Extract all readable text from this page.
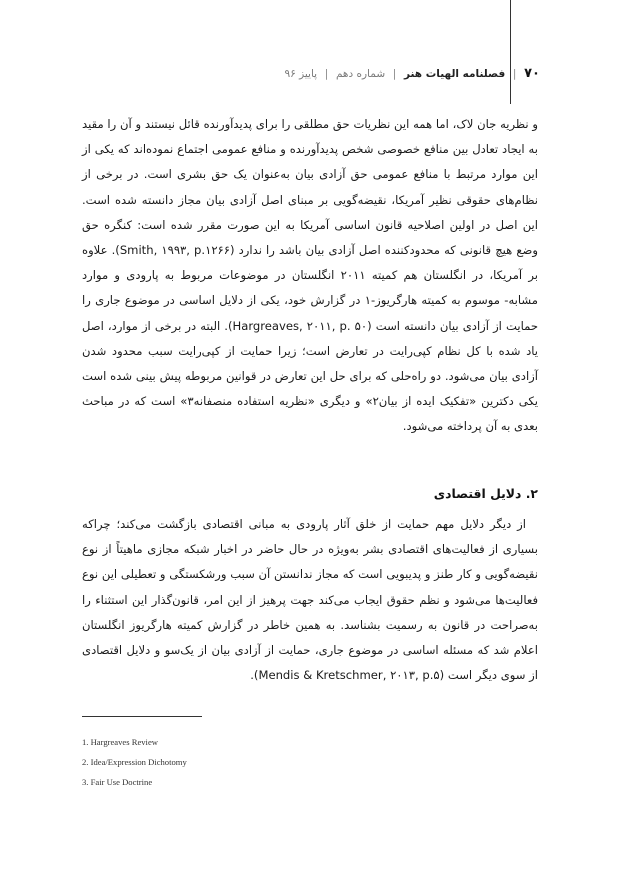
۷۰ | فصلنامه الهیات هنر | شماره دهم | پاییز ۹۶

و نظریه جان لاک، اما همه این نظریات حق مطلقی را برای پدیدآورنده قائل نیستند و آن را مقید به ایجاد تعادل بین منافع خصوصی شخص پدیدآورنده و منافع عمومی اجتماع نموده‌اند که یکی از این موارد مرتبط با منافع عمومی حق آزادی بیان به‌عنوان یک حق بشری است. در برخی از نظام‌های حقوقی نظیر آمریکا، نقیضه‌گویی بر مبنای اصل آزادی بیان مجاز دانسته شده است. این اصل در اولین اصلاحیه قانون اساسی آمریکا به این صورت مقرر شده است: کنگره حق وضع هیچ قانونی که محدودکننده اصل آزادی بیان باشد را ندارد (Smith, ۱۹۹۳, p.۱۲۶۶). علاوه بر آمریکا، در انگلستان هم کمیته ۲۰۱۱ انگلستان در موضوعات مربوط به پارودی و موارد مشابه- موسوم به کمیته هارگریوز-۱ در گزارش خود، یکی از دلایل اساسی در موضوع جاری را حمایت از آزادی بیان دانسته است (Hargreaves, ۲۰۱۱, p. ۵۰). البته در برخی از موارد، اصل یاد شده با کل نظام کپی‌رایت در تعارض است؛ زیرا حمایت از کپی‌رایت سبب محدود شدن آزادی بیان می‌شود. دو راه‌حلی که برای حل این تعارض در قوانین مربوطه پیش بینی شده است یکی دکترین «تفکیک ایده از بیان۲» و دیگری «نظریه استفاده منصفانه۳» است که در مباحث بعدی به آن پرداخته می‌شود.

۲. دلایل اقتصادی

از دیگر دلایل مهم حمایت از خلق آثار پارودی به مبانی اقتصادی بازگشت می‌کند؛ چراکه بسیاری از فعالیت‌های اقتصادی بشر به‌ویژه در حال حاضر در اخبار شبکه مجازی ماهیتاً از نوع نقیضه‌گویی و کار طنز و پدیبویی است که مجاز ندانستن آن سبب ورشکستگی و تعطیلی این نوع فعالیت‌ها می‌شود و نظم حقوق ایجاب می‌کند جهت پرهیز از این امر، قانون‌گذار این استثناء را به‌صراحت در قانون به رسمیت بشناسد. به همین خاطر در گزارش کمیته هارگریوز انگلستان اعلام شد که مسئله اساسی در موضوع جاری، حمایت از آزادی بیان از یک‌سو و دلایل اقتصادی از سوی دیگر است (Mendis & Kretschmer, ۲۰۱۳, p.۵).

1. Hargreaves Review
2. Idea/Expression Dichotomy
3. Fair Use Doctrine
